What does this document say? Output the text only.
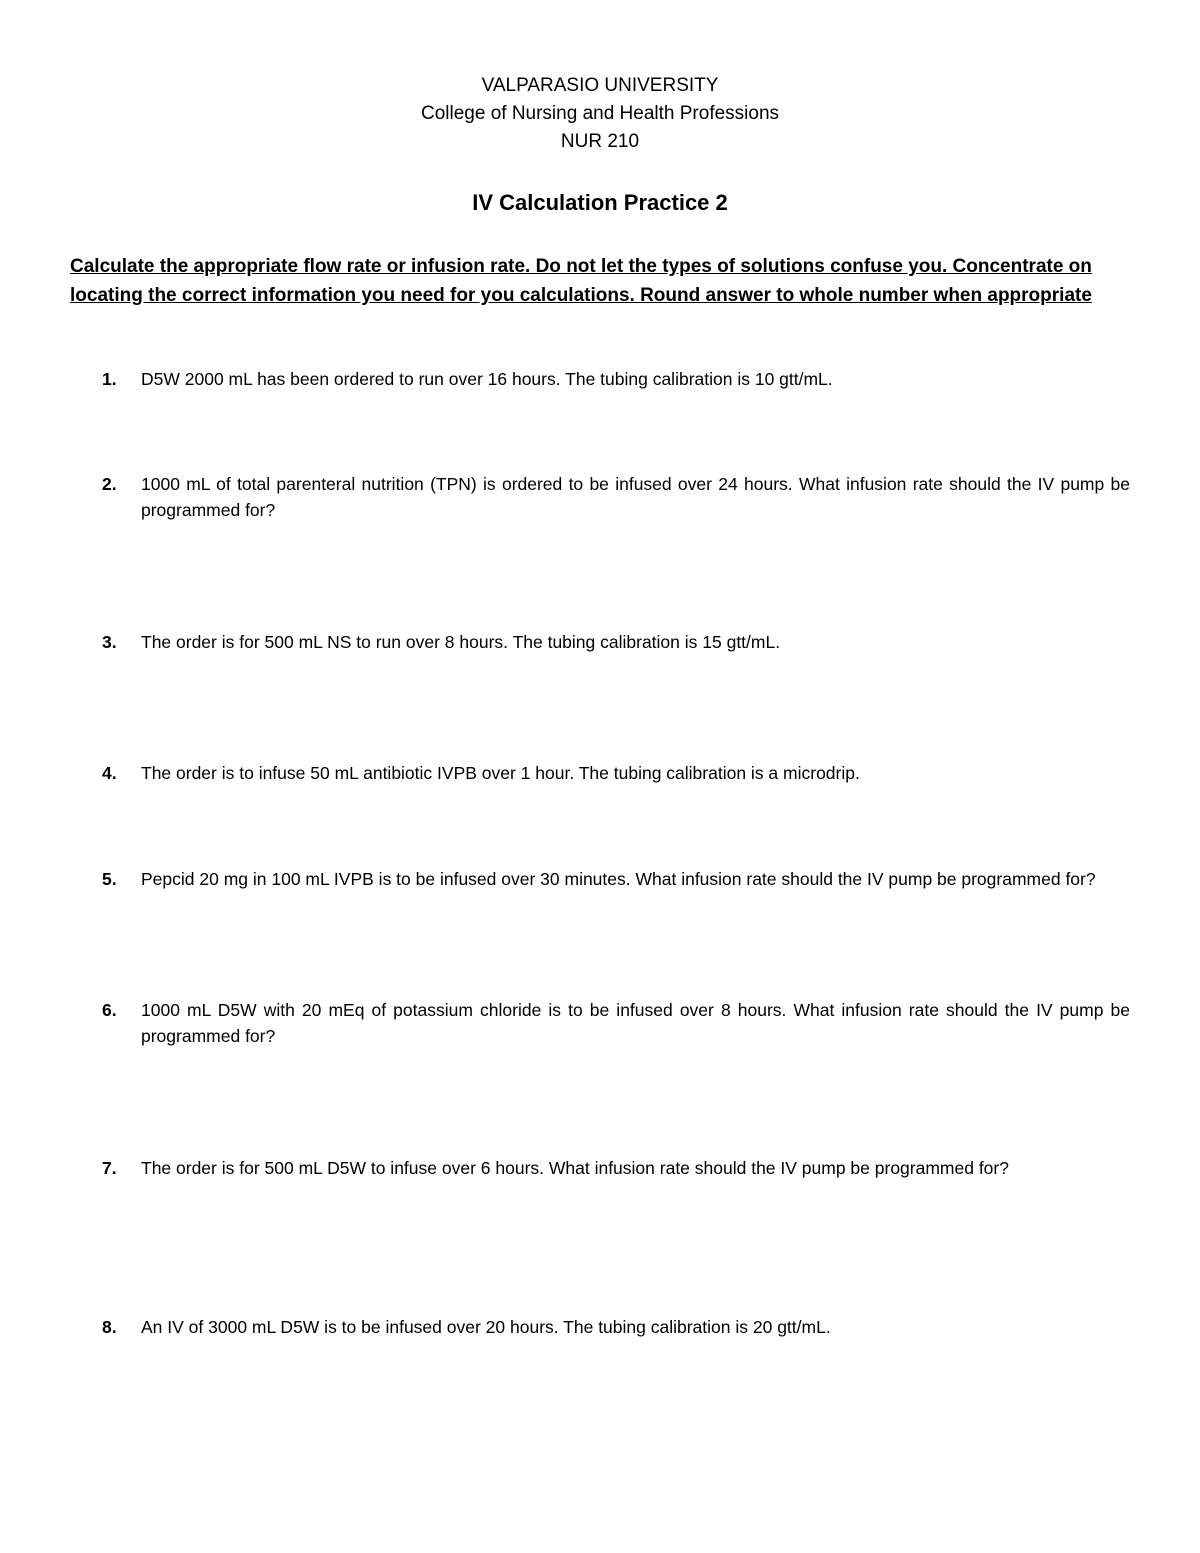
VALPARASIO UNIVERSITY

College of Nursing and Health Professions

NUR 210

IV Calculation Practice 2

Calculate the appropriate flow rate or infusion rate. Do not let the types of solutions confuse you. Concentrate on locating the correct information you need for you calculations. Round answer to whole number when appropriate

1.	D5W 2000 mL has been ordered to run over 16 hours. The tubing calibration is 10 gtt/mL.
2.	1000 mL of total parenteral nutrition (TPN) is ordered to be infused over 24 hours. What infusion rate should the IV pump be programmed for?
3.	The order is for 500 mL NS to run over 8 hours. The tubing calibration is 15 gtt/mL.
4.	The order is to infuse 50 mL antibiotic IVPB over 1 hour. The tubing calibration is a microdrip.
5.	Pepcid 20 mg in 100 mL IVPB is to be infused over 30 minutes. What infusion rate should the IV pump be programmed for?
6.	1000 mL D5W with 20 mEq of potassium chloride is to be infused over 8 hours. What infusion rate should the IV pump be programmed for?
7.	The order is for 500 mL D5W to infuse over 6 hours. What infusion rate should the IV pump be programmed for?
8.	An IV of 3000 mL D5W is to be infused over 20 hours. The tubing calibration is 20 gtt/mL.
